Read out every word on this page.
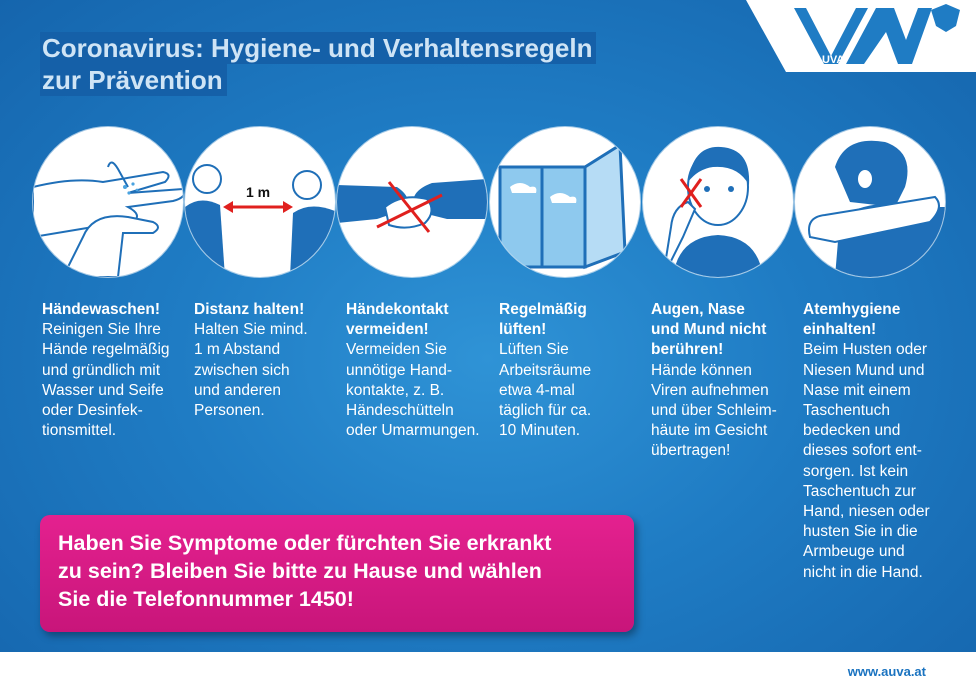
AUVA
Coronavirus: Hygiene- und Verhaltensregeln
zur Prävention
1 m
Händewaschen!
Reinigen Sie Ihre
Hände regelmäßig
und gründlich mit
Wasser und Seife
oder Desinfek-
tionsmittel.
Distanz halten!
Halten Sie mind.
1 m Abstand
zwischen sich
und anderen
Personen.
Händekontakt
vermeiden!
Vermeiden Sie
unnötige Hand-
kontakte, z. B.
Händeschütteln
oder Umarmungen.
Regelmäßig
lüften!
Lüften Sie
Arbeitsräume
etwa 4-mal
täglich für ca.
10 Minuten.
Augen, Nase
und Mund nicht
berühren!
Hände können
Viren aufnehmen
und über Schleim-
häute im Gesicht
übertragen!
Atemhygiene
einhalten!
Beim Husten oder
Niesen Mund und
Nase mit einem
Taschentuch
bedecken und
dieses sofort ent-
sorgen. Ist kein
Taschentuch zur
Hand, niesen oder
husten Sie in die
Armbeuge und
nicht in die Hand.
Haben Sie Symptome oder fürchten Sie erkrankt
zu sein? Bleiben Sie bitte zu Hause und wählen
Sie die Telefonnummer 1450!
www.auva.at
